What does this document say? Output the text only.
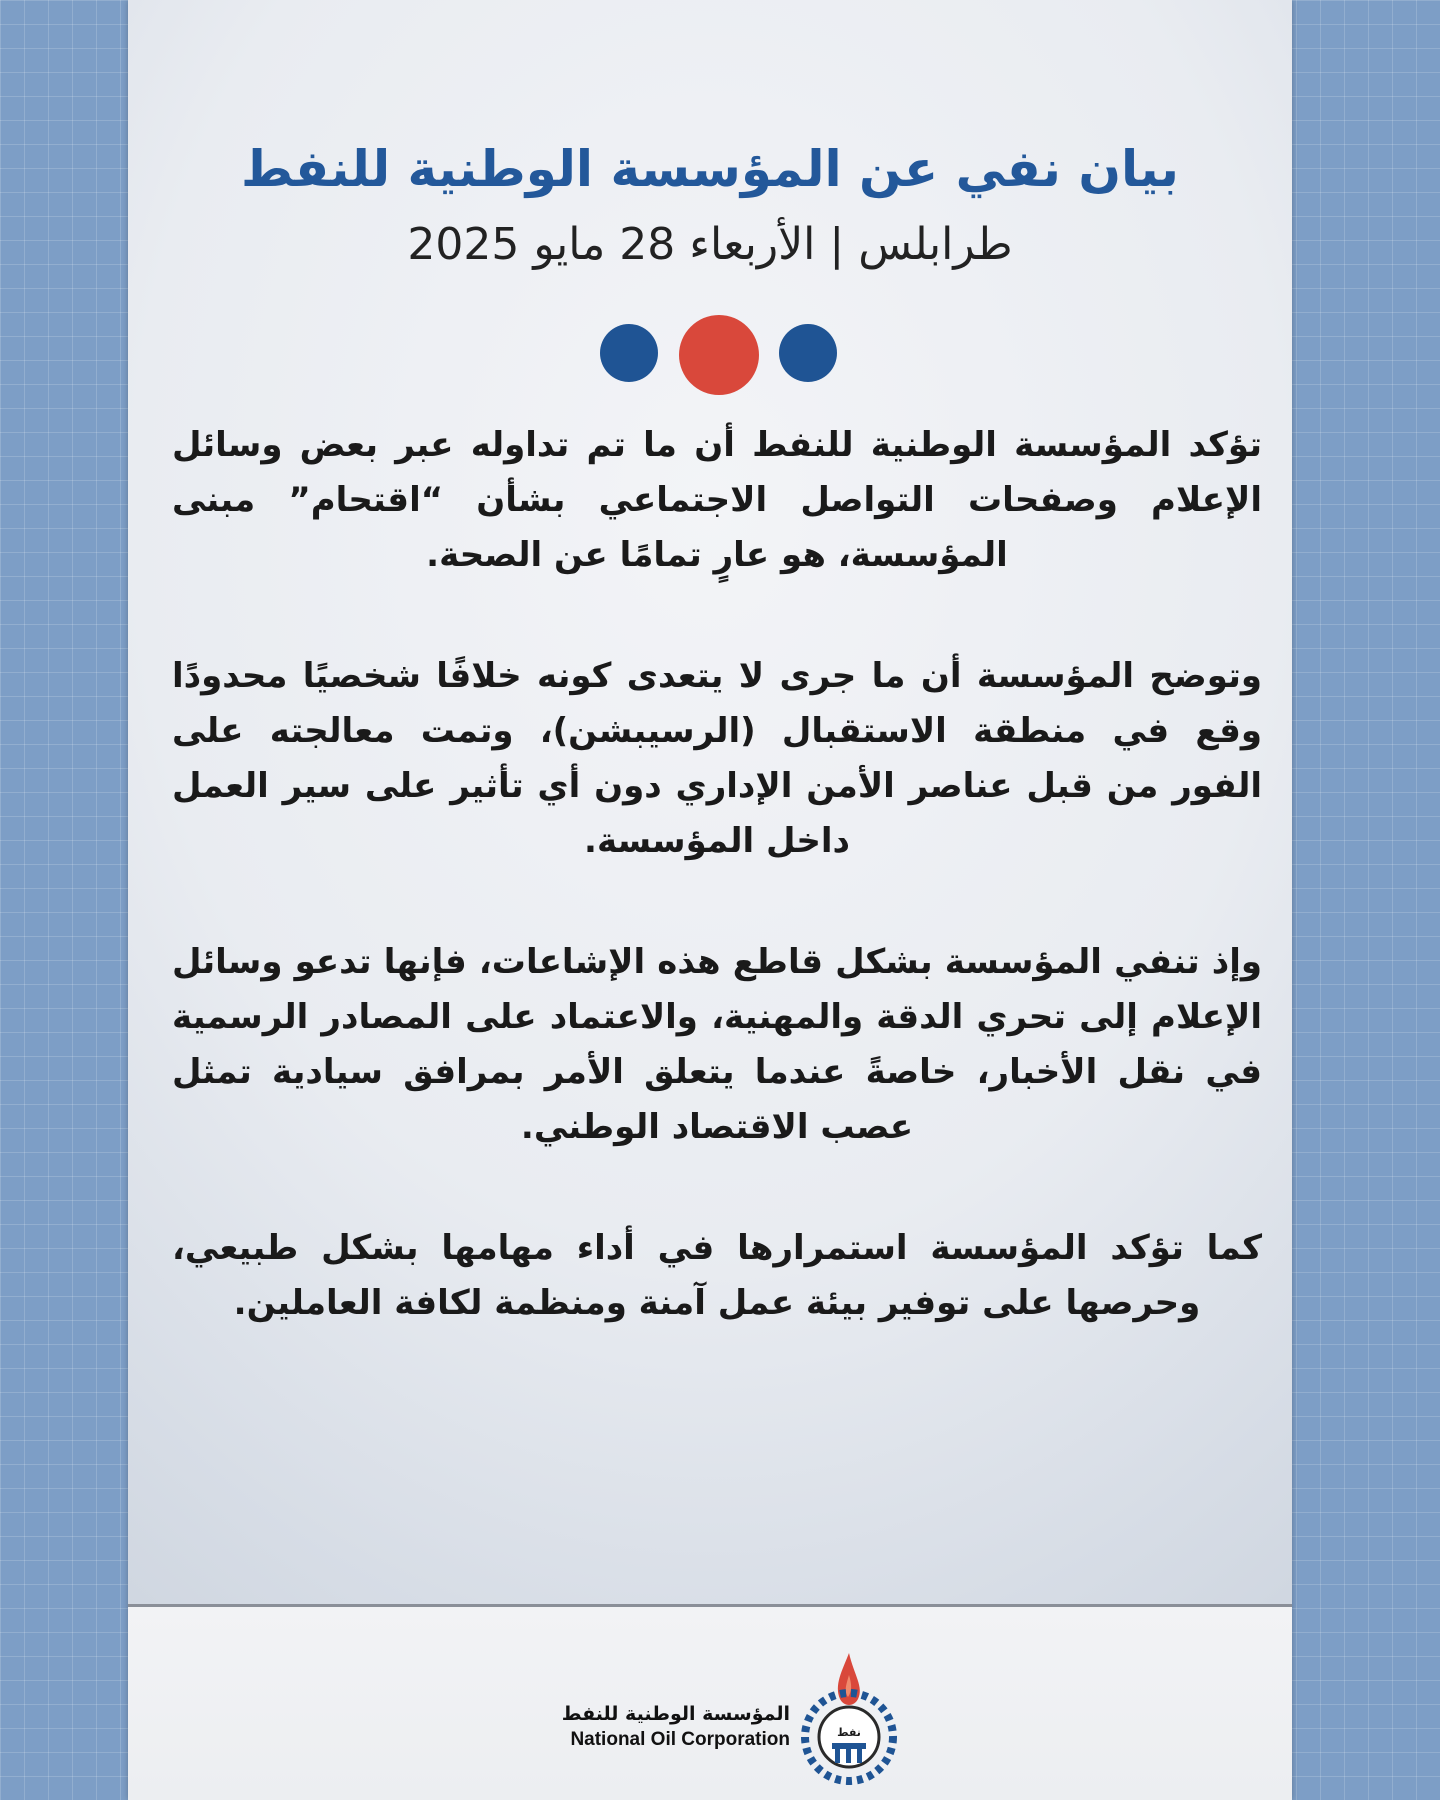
بيان نفي عن المؤسسة الوطنية للنفط
طرابلس | الأربعاء 28 مايو 2025

تؤكد المؤسسة الوطنية للنفط أن ما تم تداوله عبر بعض وسائل الإعلام وصفحات التواصل الاجتماعي بشأن “اقتحام” مبنى المؤسسة، هو عارٍ تمامًا عن الصحة.

وتوضح المؤسسة أن ما جرى لا يتعدى كونه خلافًا شخصيًا محدودًا وقع في منطقة الاستقبال (الرسيبشن)، وتمت معالجته على الفور من قبل عناصر الأمن الإداري دون أي تأثير على سير العمل داخل المؤسسة.

وإذ تنفي المؤسسة بشكل قاطع هذه الإشاعات، فإنها تدعو وسائل الإعلام إلى تحري الدقة والمهنية، والاعتماد على المصادر الرسمية في نقل الأخبار، خاصةً عندما يتعلق الأمر بمرافق سيادية تمثل عصب الاقتصاد الوطني.

كما تؤكد المؤسسة استمرارها في أداء مهامها بشكل طبيعي، وحرصها على توفير بيئة عمل آمنة ومنظمة لكافة العاملين.

المؤسسة الوطنية للنفط
National Oil Corporation	نفط
